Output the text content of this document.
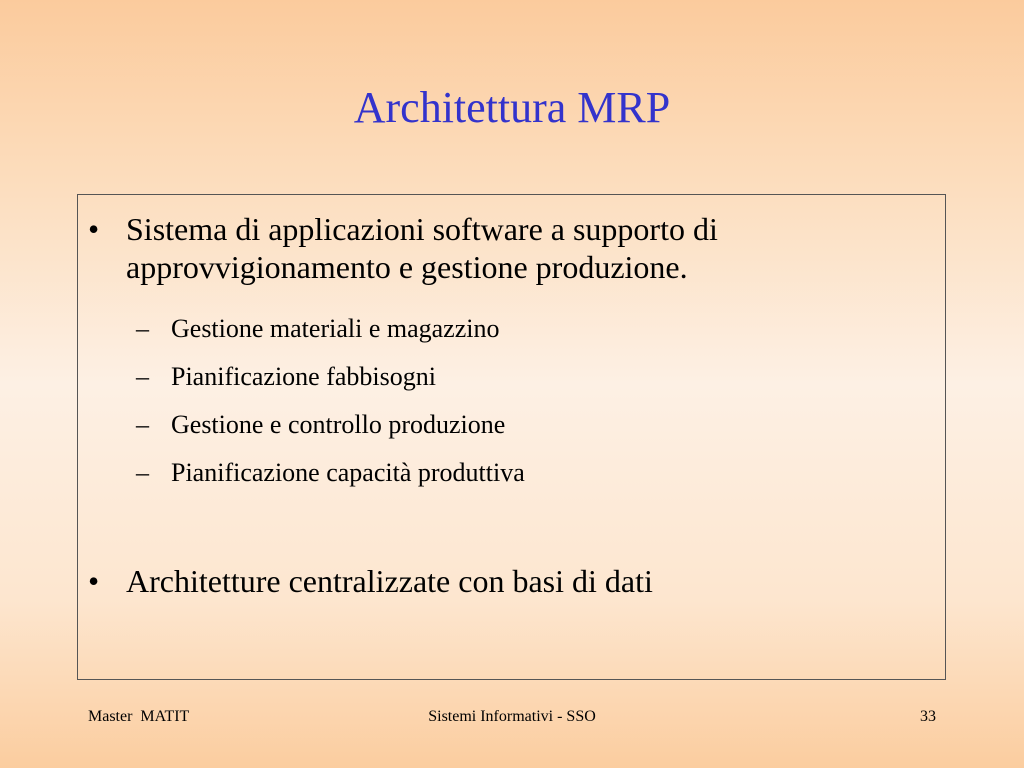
Architettura MRP
• Sistema di applicazioni software a supporto di approvvigionamento e gestione produzione.
– Gestione materiali e magazzino
– Pianificazione fabbisogni
– Gestione e controllo produzione
– Pianificazione capacità produttiva
• Architetture centralizzate con basi di dati
Master  MATIT	Sistemi Informativi - SSO	33
